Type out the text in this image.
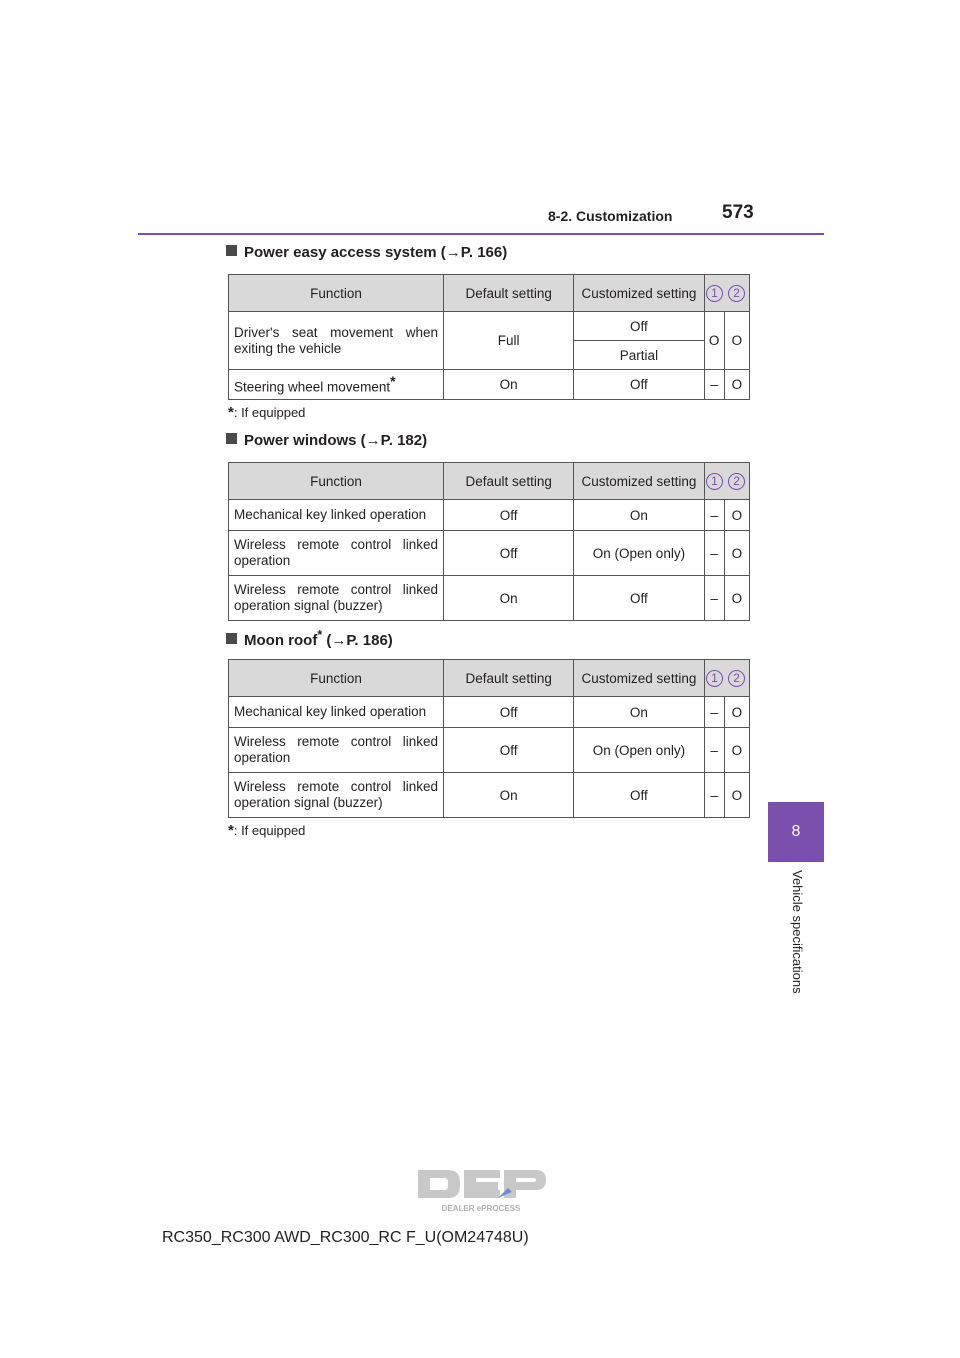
8-2. Customization	573
8
Vehicle specifications
Power easy access system (→P. 166)
Function	Default setting	Customized setting	1	2
Driver's seat movement when exiting the vehicle	Full	Off	O	O
		Partial		
Steering wheel movement*	On	Off	–	O
*: If equipped
Power windows (→P. 182)
Function	Default setting	Customized setting	1	2
Mechanical key linked operation	Off	On	–	O
Wireless remote control linked operation	Off	On (Open only)	–	O
Wireless remote control linked operation signal (buzzer)	On	Off	–	O
Moon roof* (→P. 186)
Function	Default setting	Customized setting	1	2
Mechanical key linked operation	Off	On	–	O
Wireless remote control linked operation	Off	On (Open only)	–	O
Wireless remote control linked operation signal (buzzer)	On	Off	–	O
*: If equipped
DEALER ePROCESS
RC350_RC300 AWD_RC300_RC F_U(OM24748U)
